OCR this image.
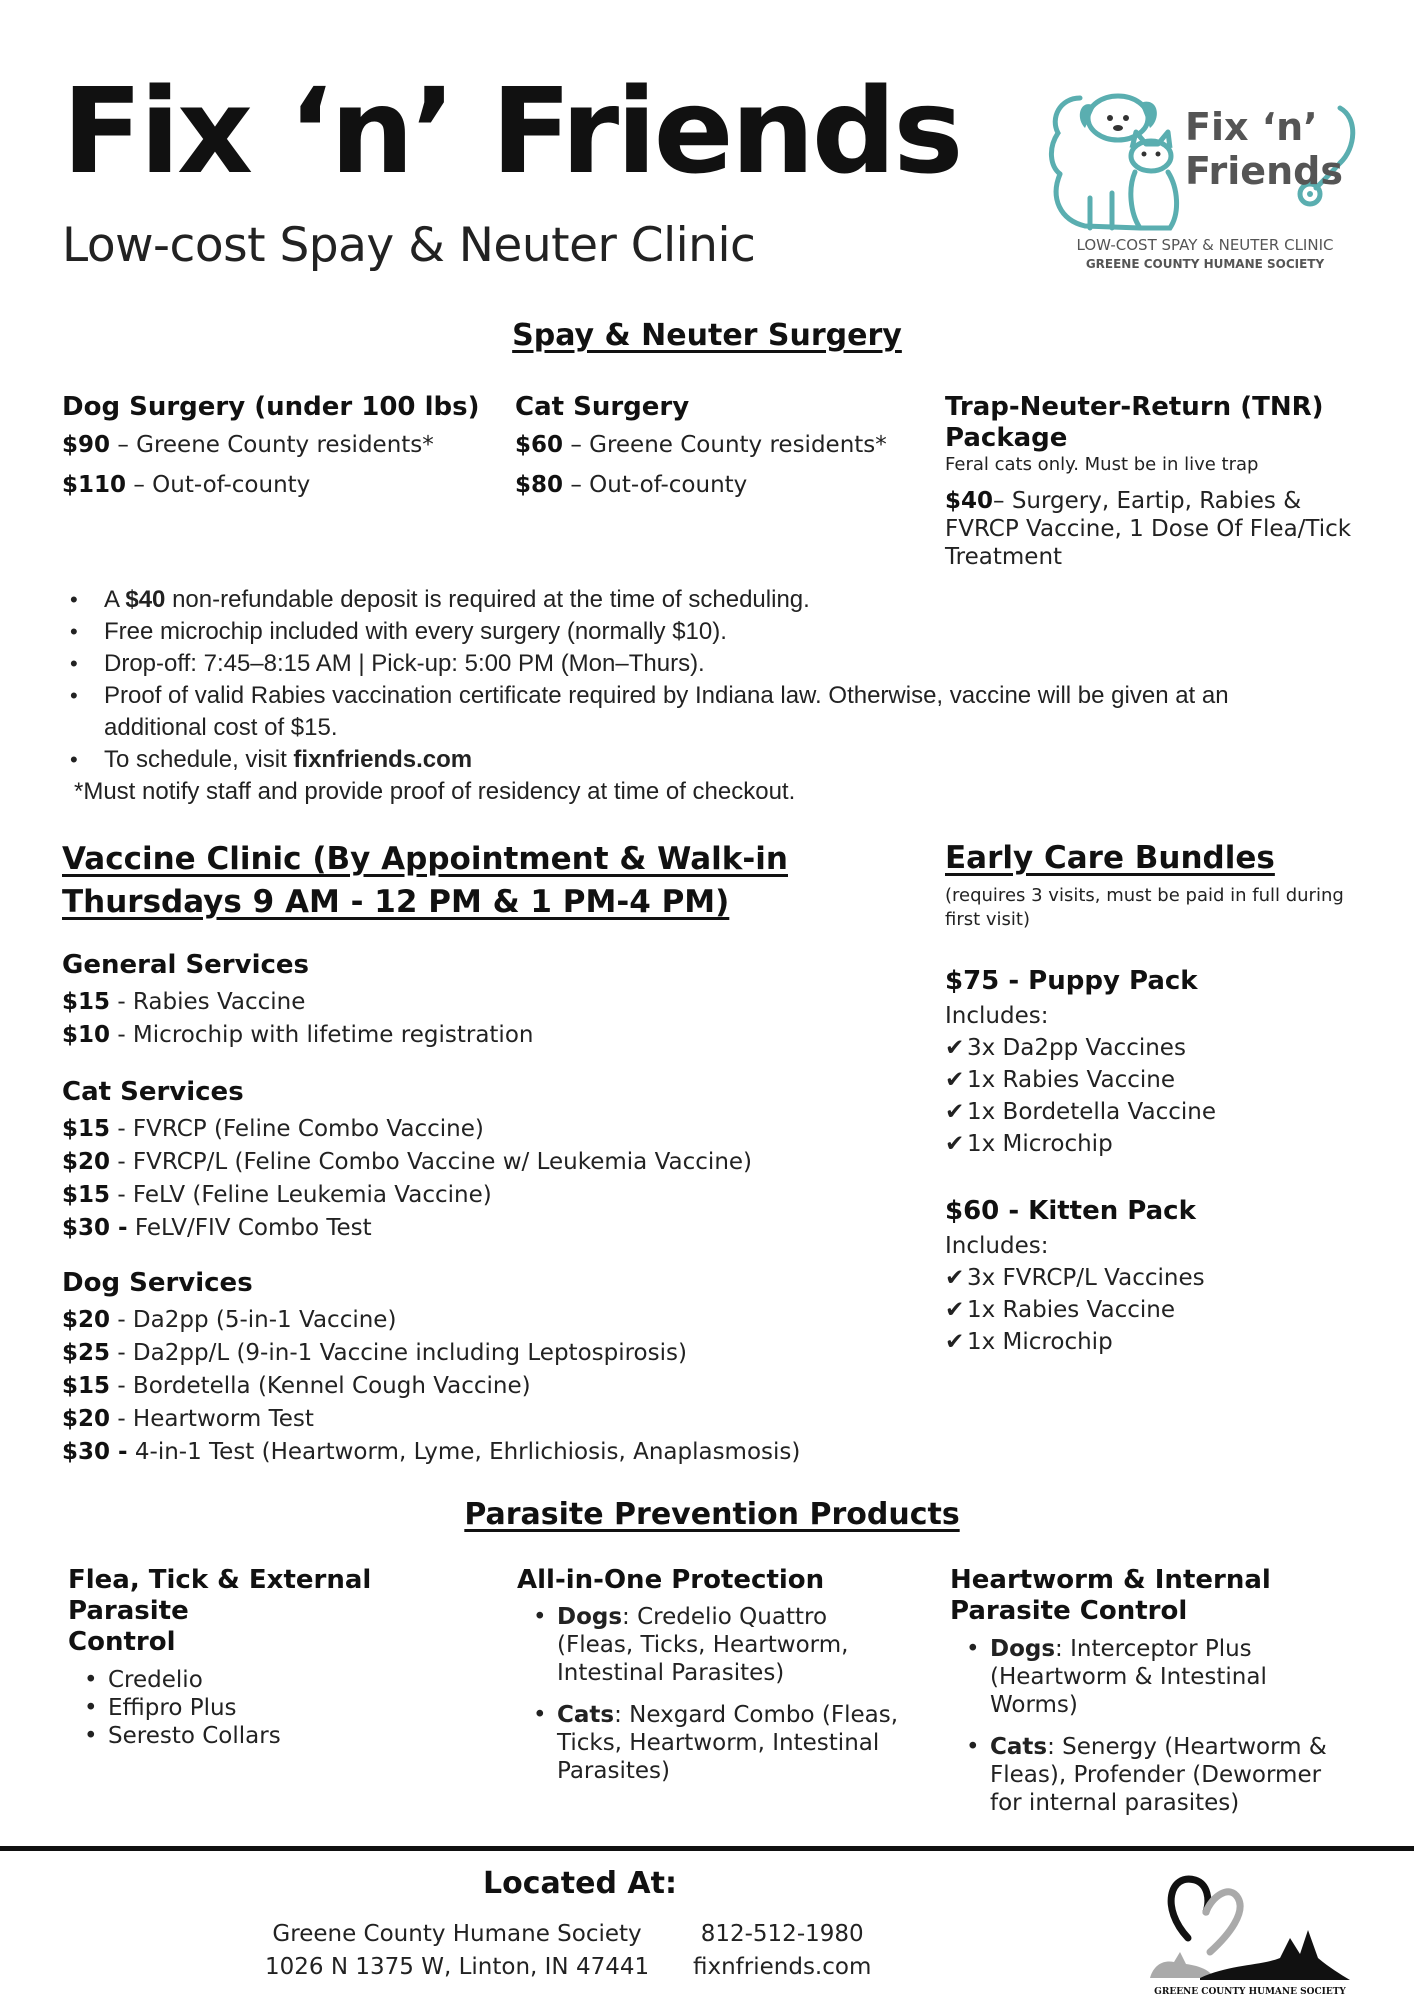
Fix ‘n’ Friends
Low-cost Spay & Neuter Clinic
Fix ‘n’
Friends
LOW-COST SPAY & NEUTER CLINIC
GREENE COUNTY HUMANE SOCIETY
Spay & Neuter Surgery
Dog Surgery (under 100 lbs)
$90 – Greene County residents*
$110 – Out-of-county
Cat Surgery
$60 – Greene County residents*
$80 – Out-of-county
Trap-Neuter-Return (TNR)
Package
Feral cats only. Must be in live trap
$40– Surgery, Eartip, Rabies &
FVRCP Vaccine, 1 Dose Of Flea/Tick
Treatment
• A $40 non-refundable deposit is required at the time of scheduling.
• Free microchip included with every surgery (normally $10).
• Drop-off: 7:45–8:15 AM | Pick-up: 5:00 PM (Mon–Thurs).
• Proof of valid Rabies vaccination certificate required by Indiana law. Otherwise, vaccine will be given at an
additional cost of $15.
• To schedule, visit fixnfriends.com
*Must notify staff and provide proof of residency at time of checkout.
Vaccine Clinic (By Appointment & Walk-in
Thursdays 9 AM - 12 PM & 1 PM-4 PM)
General Services
$15 - Rabies Vaccine
$10 - Microchip with lifetime registration
Cat Services
$15 - FVRCP (Feline Combo Vaccine)
$20 - FVRCP/L (Feline Combo Vaccine w/ Leukemia Vaccine)
$15 - FeLV (Feline Leukemia Vaccine)
$30 - FeLV/FIV Combo Test
Dog Services
$20 - Da2pp (5-in-1 Vaccine)
$25 - Da2pp/L (9-in-1 Vaccine including Leptospirosis)
$15 - Bordetella (Kennel Cough Vaccine)
$20 - Heartworm Test
$30 - 4-in-1 Test (Heartworm, Lyme, Ehrlichiosis, Anaplasmosis)
Early Care Bundles
(requires 3 visits, must be paid in full during
first visit)
$75 - Puppy Pack
Includes:
✔ 3x Da2pp Vaccines
✔ 1x Rabies Vaccine
✔ 1x Bordetella Vaccine
✔ 1x Microchip
$60 - Kitten Pack
Includes:
✔ 3x FVRCP/L Vaccines
✔ 1x Rabies Vaccine
✔ 1x Microchip
Parasite Prevention Products
Flea, Tick & External Parasite
Control
• Credelio
• Effipro Plus
• Seresto Collars
All-in-One Protection
• Dogs: Credelio Quattro
(Fleas, Ticks, Heartworm,
Intestinal Parasites)
• Cats: Nexgard Combo (Fleas,
Ticks, Heartworm, Intestinal
Parasites)
Heartworm & Internal
Parasite Control
• Dogs: Interceptor Plus
(Heartworm & Intestinal
Worms)
• Cats: Senergy (Heartworm &
Fleas), Profender (Dewormer
for internal parasites)
Located At:
Greene County Humane Society
1026 N 1375 W, Linton, IN 47441
812-512-1980
fixnfriends.com
GREENE COUNTY HUMANE SOCIETY
